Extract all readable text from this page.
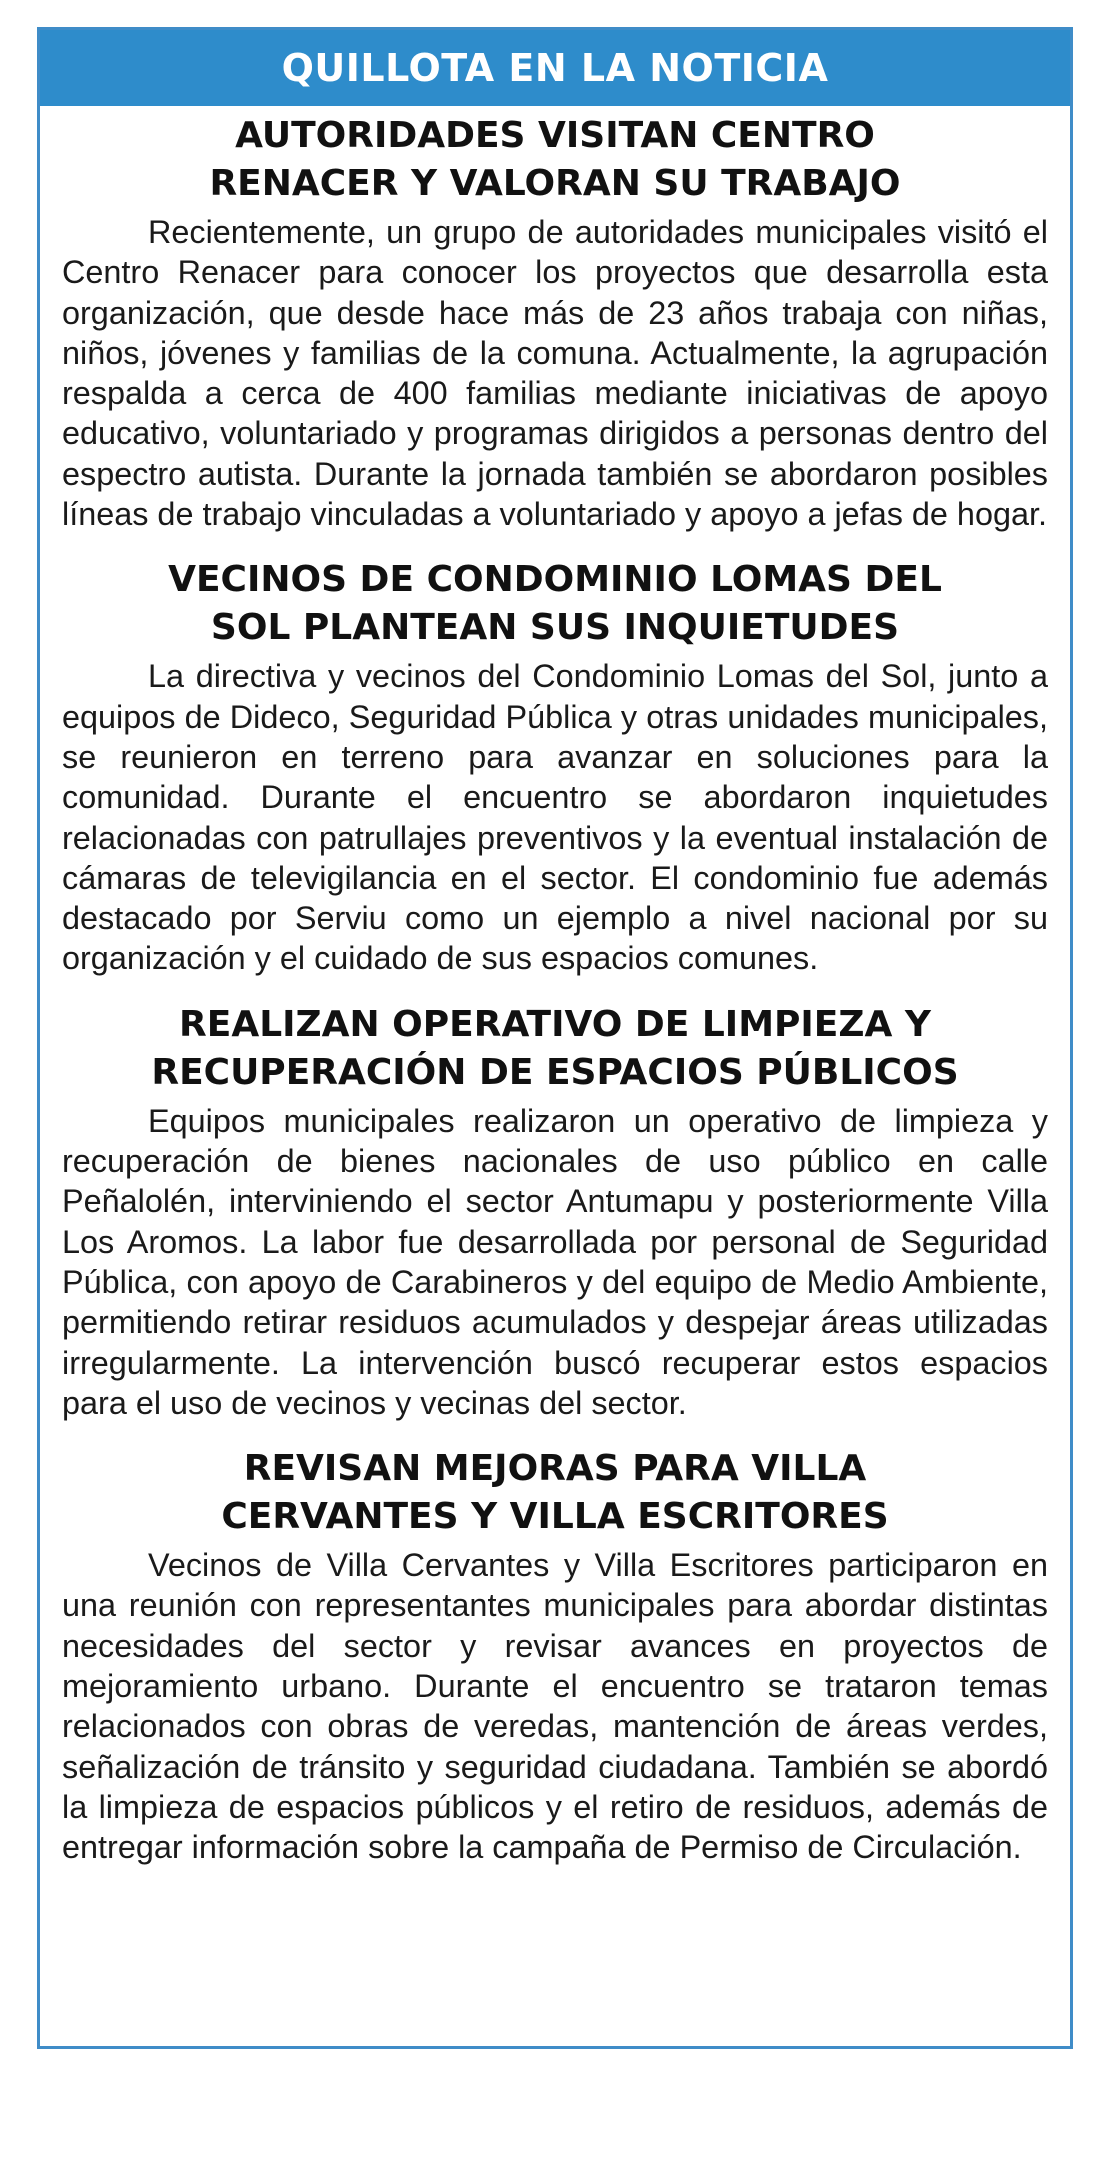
QUILLOTA EN LA NOTICIA
AUTORIDADES VISITAN CENTRO
RENACER Y VALORAN SU TRABAJO

Recientemente, un grupo de autoridades municipales visitó el Centro Renacer para conocer los proyectos que desarrolla esta organización, que desde hace más de 23 años trabaja con niñas, niños, jóvenes y familias de la comuna. Actualmente, la agrupación respalda a cerca de 400 familias mediante iniciativas de apoyo educativo, voluntariado y programas dirigidos a personas dentro del espectro autista. Durante la jornada también se abordaron posibles líneas de trabajo vinculadas a voluntariado y apoyo a jefas de hogar.

VECINOS DE CONDOMINIO LOMAS DEL
SOL PLANTEAN SUS INQUIETUDES

La directiva y vecinos del Condominio Lomas del Sol, junto a equipos de Dideco, Seguridad Pública y otras unidades municipales, se reunieron en terreno para avanzar en soluciones para la comunidad. Durante el encuentro se abordaron inquietudes relacionadas con patrullajes preventivos y la eventual instalación de cámaras de televigilancia en el sector. El condominio fue además destacado por Serviu como un ejemplo a nivel nacional por su organización y el cuidado de sus espacios comunes.

REALIZAN OPERATIVO DE LIMPIEZA Y
RECUPERACIÓN DE ESPACIOS PÚBLICOS

Equipos municipales realizaron un operativo de limpieza y recuperación de bienes nacionales de uso público en calle Peñalolén, interviniendo el sector Antumapu y posteriormente Villa Los Aromos. La labor fue desarrollada por personal de Seguridad Pública, con apoyo de Carabineros y del equipo de Medio Ambiente, permitiendo retirar residuos acumulados y despejar áreas utilizadas irregularmente. La intervención buscó recuperar estos espacios para el uso de vecinos y vecinas del sector.

REVISAN MEJORAS PARA VILLA
CERVANTES Y VILLA ESCRITORES

Vecinos de Villa Cervantes y Villa Escritores participaron en una reunión con representantes municipales para abordar distintas necesidades del sector y revisar avances en proyectos de mejoramiento urbano. Durante el encuentro se trataron temas relacionados con obras de veredas, mantención de áreas verdes, señalización de tránsito y seguridad ciudadana. También se abordó la limpieza de espacios públicos y el retiro de residuos, además de entregar información sobre la campaña de Permiso de Circulación.
